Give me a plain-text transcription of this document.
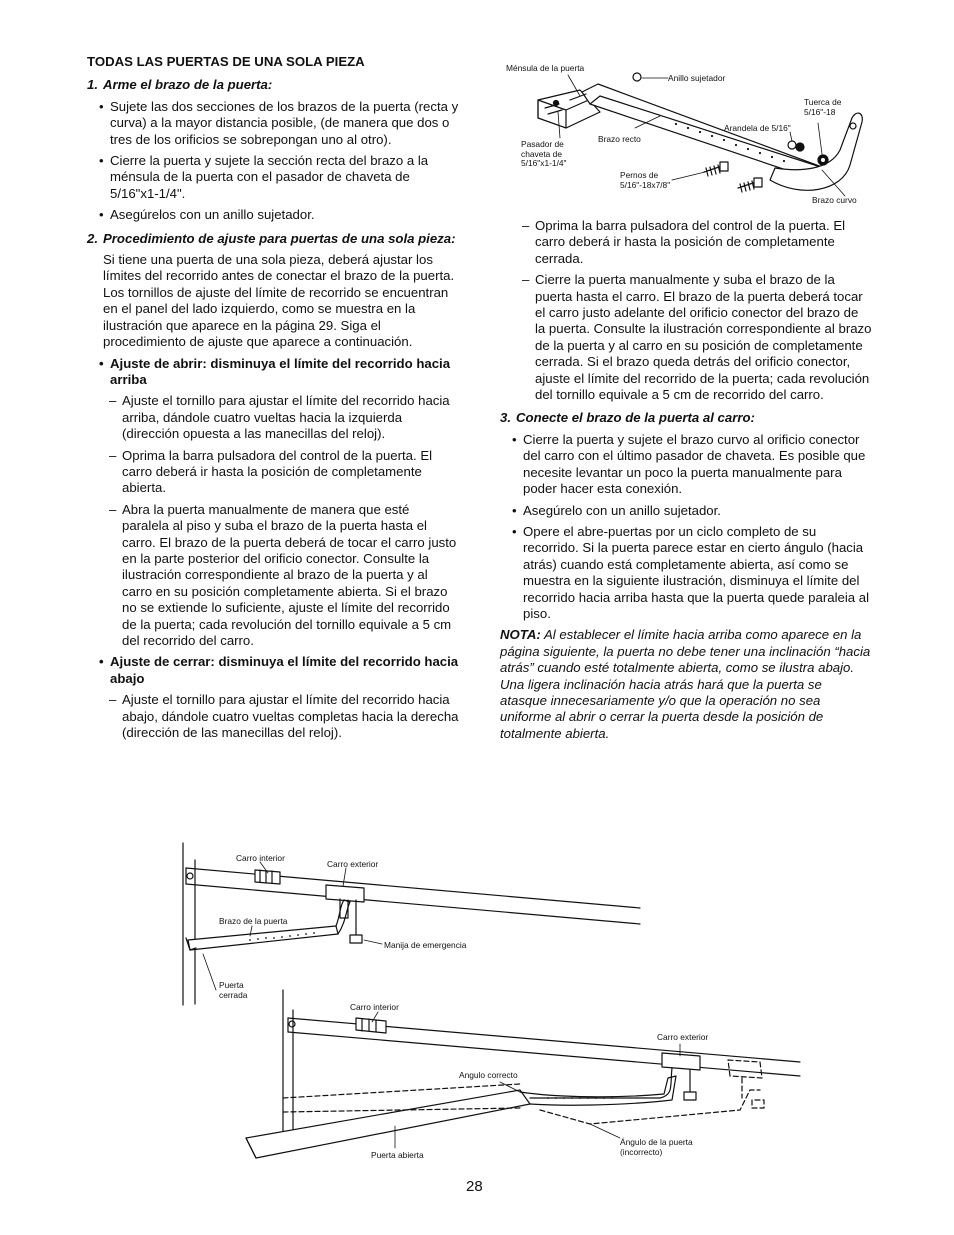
TODAS LAS PUERTAS DE UNA SOLA PIEZA
1. Arme el brazo de la puerta:
• Sujete las dos secciones de los brazos de la puerta (recta y curva) a la mayor distancia posible, (de manera que dos o tres de los orificios se sobrepongan uno al otro).
• Cierre la puerta y sujete la sección recta del brazo a la ménsula de la puerta con el pasador de chaveta de 5/16"x1-1/4".
• Asegúrelos con un anillo sujetador.
2. Procedimiento de ajuste para puertas de una sola pieza:

Si tiene una puerta de una sola pieza, deberá ajustar los límites del recorrido antes de conectar el brazo de la puerta. Los tornillos de ajuste del límite de recorrido se encuentran en el panel del lado izquierdo, como se muestra en la ilustración que aparece en la página 29. Siga el procedimiento de ajuste que aparece a continuación.

• Ajuste de abrir: disminuya el límite del recorrido hacia arriba
– Ajuste el tornillo para ajustar el límite del recorrido hacia arriba, dándole cuatro vueltas hacia la izquierda (dirección opuesta a las manecillas del reloj).
– Oprima la barra pulsadora del control de la puerta. El carro deberá ir hasta la posición de completamente abierta.
– Abra la puerta manualmente de manera que esté paralela al piso y suba el brazo de la puerta hasta el carro. El brazo de la puerta deberá de tocar el carro justo en la parte posterior del orificio conector. Consulte la ilustración correspondiente al brazo de la puerta y al carro en su posición completamente abierta. Si el brazo no se extiende lo suficiente, ajuste el límite del recorrido de la puerta; cada revolución del tornillo equivale a 5 cm del recorrido del carro.
• Ajuste de cerrar: disminuya el límite del recorrido hacia abajo
– Ajuste el tornillo para ajustar el límite del recorrido hacia abajo, dándole cuatro vueltas completas hacia la derecha (dirección de las manecillas del reloj).
– Oprima la barra pulsadora del control de la puerta. El carro deberá ir hasta la posición de completamente cerrada.
– Cierre la puerta manualmente y suba el brazo de la puerta hasta el carro. El brazo de la puerta deberá tocar el carro justo adelante del orificio conector del brazo de la puerta. Consulte la ilustración correspondiente al brazo de la puerta y al carro en su posición de completamente cerrada. Si el brazo queda detrás del orificio conector, ajuste el límite del recorrido de la puerta; cada revolución del tornillo equivale a 5 cm de recorrido del carro.
3. Conecte el brazo de la puerta al carro:
• Cierre la puerta y sujete el brazo curvo al orificio conector del carro con el último pasador de chaveta. Es posible que necesite levantar un poco la puerta manualmente para poder hacer esta conexión.
• Asegúrelo con un anillo sujetador.
• Opere el abre-puertas por un ciclo completo de su recorrido. Si la puerta parece estar en cierto ángulo (hacia atrás) cuando está completamente abierta, así como se muestra en la siguiente ilustración, disminuya el límite del recorrido hacia arriba hasta que la puerta quede paraleia al piso.

NOTA: Al establecer el límite hacia arriba como aparece en la página siguiente, la puerta no debe tener una inclinación “hacia atrás” cuando esté totalmente abierta, como se ilustra abajo. Una ligera inclinación hacia atrás hará que la puerta se atasque innecesariamente y/o que la operación no sea uniforme al abrir o cerrar la puerta desde la posición de totalmente abierta.

Ménsula de la puerta
Anillo sujetador
Tuerca de
5/16"-18
Arandela de 5/16"
Brazo recto
Pasador de
chaveta de
5/16"x1-1/4"
Pernos de
5/16"-18x7/8"
Brazo curvo
Carro interior
Carro exterior
Brazo de la puerta
Manija de emergencia
Puerta
cerrada
Carro interior
Carro exterior
Angulo correcto
Ángulo de la puerta
(incorrecto)
Puerta abierta
28
